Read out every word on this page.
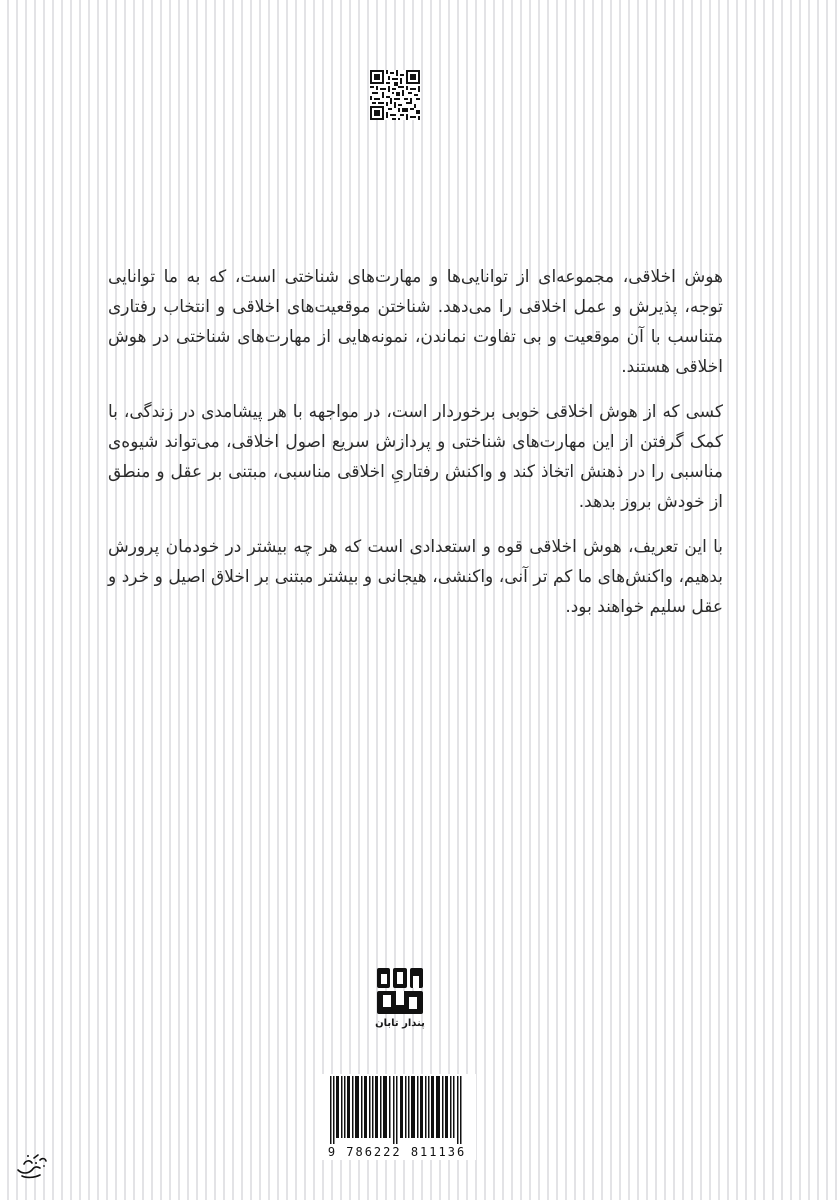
هوش اخلاقی، مجموعه‌ای از توانایی‌ها و مهارت‌های شناختی است، که به ما توانایی توجه، پذیرش و عمل اخلاقی را می‌دهد. شناختن موقعیت‌های اخلاقی و انتخاب رفتاری متناسب با آن موقعیت و بی تفاوت نماندن، نمونه‌هایی از مهارت‌های شناختی در هوش اخلاقی هستند.

کسی که از هوش اخلاقی خوبی برخوردار است، در مواجهه با هر پیشامدی در زندگی، با کمک گرفتن از این مهارت‌های شناختی و پردازش سریع اصول اخلاقی، می‌تواند شیوه‌ی مناسبی را در ذهنش اتخاذ کند و واکنش رفتاریِ اخلاقی مناسبی، مبتنی بر عقل و منطق از خودش بروز بدهد.

با این تعریف، هوش اخلاقی قوه و استعدادی است که هر چه بیشتر در خودمان پرورش بدهیم، واکنش‌های ما کم تر آنی، واکنشی، هیجانی و بیشتر مبتنی بر اخلاق اصیل و خرد و عقل سلیم خواهند بود.

پندار تابان
9 786222 811136
